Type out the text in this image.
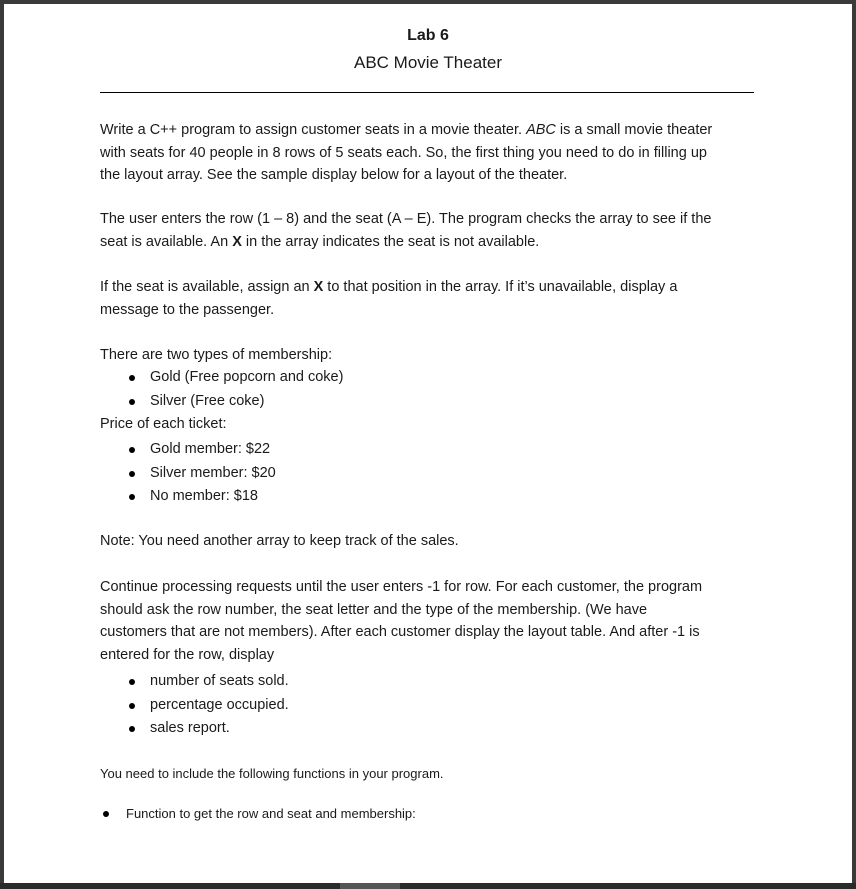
Lab 6
ABC Movie Theater
Write a C++ program to assign customer seats in a movie theater. ABC is a small movie theater
with seats for 40 people in 8 rows of 5 seats each. So, the first thing you need to do in filling up
the layout array. See the sample display below for a layout of the theater.
The user enters the row (1 – 8) and the seat (A – E). The program checks the array to see if the
seat is available. An X in the array indicates the seat is not available.
If the seat is available, assign an X to that position in the array. If it’s unavailable, display a
message to the passenger.
There are two types of membership:
Gold (Free popcorn and coke)
Silver (Free coke)
Price of each ticket:
Gold member: $22
Silver member: $20
No member: $18
Note: You need another array to keep track of the sales.
Continue processing requests until the user enters -1 for row. For each customer, the program
should ask the row number, the seat letter and the type of the membership. (We have
customers that are not members). After each customer display the layout table. And after -1 is
entered for the row, display
number of seats sold.
percentage occupied.
sales report.
You need to include the following functions in your program.
Function to get the row and seat and membership:
